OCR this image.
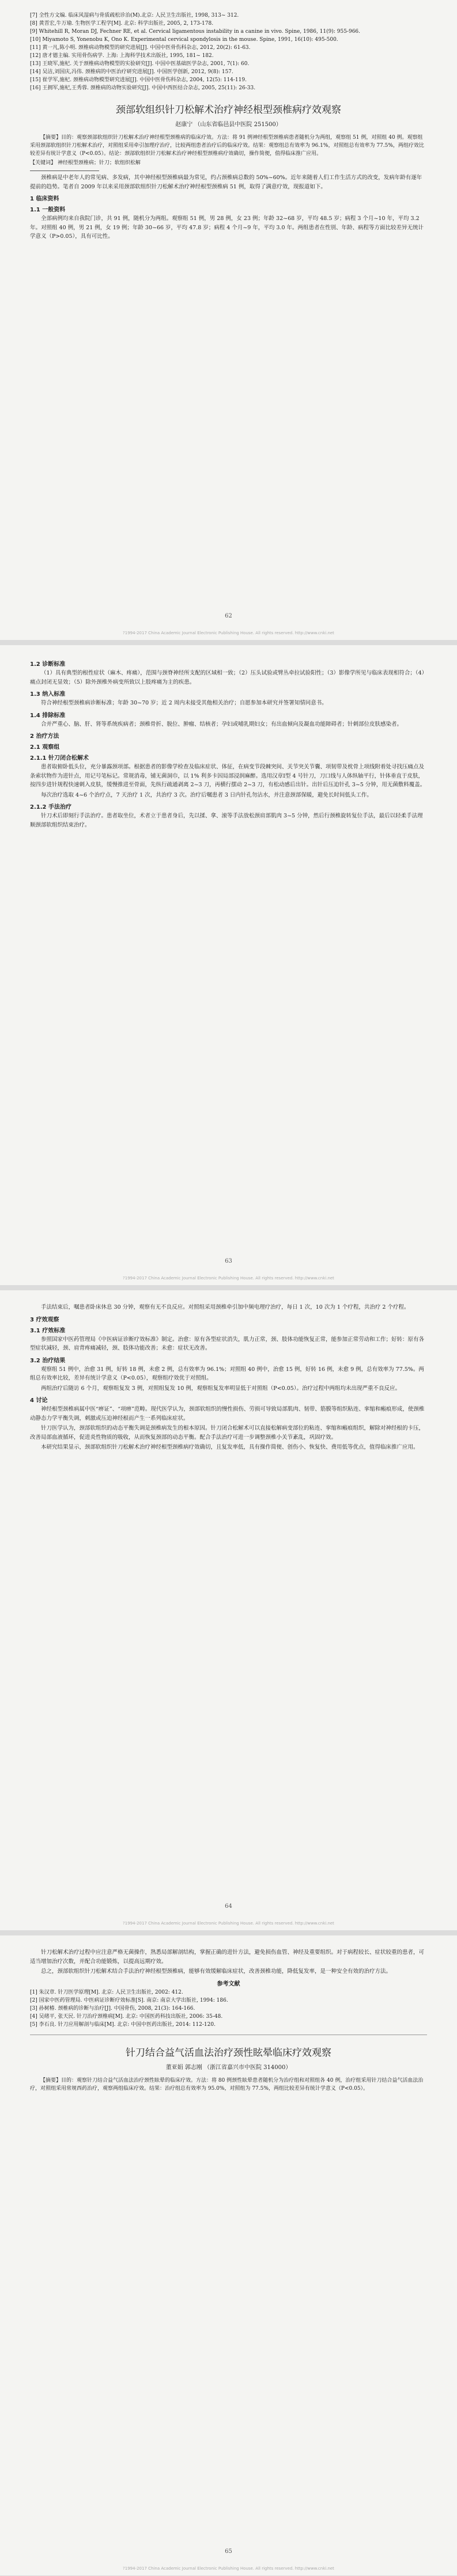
[7] 全性方文编. 临床风湿病与骨质疏松诊治(M).北京: 人民卫生出版社, 1998, 313~ 312.

[8] 黄晋宏,牛万瑜. 生物医学工程学[M]. 北京: 科学出版社, 2005, 2, 173-178.

[9] Whitehill R, Moran DJ, Fechner RE, et al. Cervical ligamentous instability in a canine in vivo. Spine, 1986, 11(9): 955-966.

[10] Miyamoto S, Yonenobu K, Ono K. Experimental cervical spondylosis in the mouse. Spine, 1991, 16(10): 495-500.

[11] 黄一凡,陈小明. 颈椎病动物模型的研究进展[J]. 中国中医骨伤科杂志, 2012, 20(2): 61-63.

[12] 唐才德主编. 实用骨伤病学. 上海: 上海科学技术出版社, 1995, 181~ 182.

[13] 王晓军,施杞. 关于颈椎病动物模型的实验研究[J]. 中国中医基础医学杂志, 2001, 7(1): 60.

[14] 吴洁,刘国庆,冯伟. 颈椎病的中医治疗研究进展[J]. 中国医学创新, 2012, 9(8): 157.

[15] 崔学军,施杞. 颈椎病动物模型研究进展[J]. 中国中医骨伤科杂志, 2004, 12(5): 114-119.

[16] 王拥军,施杞,王秀蓉. 颈椎病的动物实验研究[J]. 中国中西医结合杂志, 2005, 25(11): 26-33.

颈部软组织针刀松解术治疗神经根型颈椎病疗效观察
赵康宁 （山东省临邑县中医院 251500）
【摘要】目的：观察颈部软组织针刀松解术治疗神经根型颈椎病的临床疗效。方法：将 91 例神经根型颈椎病患者随机分为两组，观察组 51 例，对照组 40 例。观察组采用颈部软组织针刀松解术治疗，对照组采用牵引加理疗治疗，比较两组患者治疗后的临床疗效。结果：观察组总有效率为 96.1%，对照组总有效率为 77.5%，两组疗效比较差异有统计学意义（P<0.05）。结论：颈部软组织针刀松解术治疗神经根型颈椎病疗效确切，操作简便，值得临床推广应用。
【关键词】 神经根型颈椎病；针刀；软组织松解
颈椎病是中老年人的常见病、多发病，其中神经根型颈椎病最为常见，约占颈椎病总数的 50%~60%。近年来随着人们工作生活方式的改变，发病年龄有逐年提前的趋势。笔者自 2009 年以来采用颈部软组织针刀松解术治疗神经根型颈椎病 51 例，取得了满意疗效，现报道如下。
1 临床资料
1.1 一般资料
全部病例均来自我院门诊，共 91 例，随机分为两组。观察组 51 例，男 28 例，女 23 例；年龄 32~68 岁，平均 48.5 岁；病程 3 个月~10 年，平均 3.2 年。对照组 40 例，男 21 例，女 19 例；年龄 30~66 岁，平均 47.8 岁；病程 4 个月~9 年，平均 3.0 年。两组患者在性别、年龄、病程等方面比较差异无统计学意义（P>0.05），具有可比性。
62
?1994-2017 China Academic Journal Electronic Publishing House. All rights reserved. http://www.cnki.net
1.2 诊断标准
（1）具有典型的根性症状（麻木、疼痛），范围与颈脊神经所支配的区域相一致；（2）压头试验或臂丛牵拉试验阳性；（3）影像学所见与临床表现相符合；（4）痛点封闭无显效；（5）除外颈椎外病变所致以上肢疼痛为主的疾患。
1.3 纳入标准
符合神经根型颈椎病诊断标准；年龄 30~70 岁；近 2 周内未接受其他相关治疗；自愿参加本研究并签署知情同意书。
1.4 排除标准
合并严重心、脑、肝、肾等系统疾病者；颈椎骨折、脱位、肿瘤、结核者；孕妇或哺乳期妇女；有出血倾向及凝血功能障碍者；针刺部位皮肤感染者。
2 治疗方法
2.1 观察组
2.1.1 针刀闭合松解术
患者取俯卧低头位，充分暴露颈项部。根据患者的影像学检查及临床症状、体征，在病变节段棘突间、关节突关节囊、项韧带及枕骨上项线附着处寻找压痛点及条索状物作为进针点，用记号笔标记。常规消毒，铺无菌洞巾，以 1% 利多卡因局部浸润麻醉。选用汉章Ⅰ型 4 号针刀，刀口线与人体纵轴平行，针体垂直于皮肤，按四步进针规程快速刺入皮肤，缓慢推进至骨面，先纵行疏通剥离 2~3 刀，再横行摆动 2~3 刀，有松动感后出针。出针后压迫针孔 3~5 分钟，用无菌敷料覆盖。
每次治疗选取 4~6 个治疗点，7 天治疗 1 次，共治疗 3 次。治疗后嘱患者 3 日内针孔勿沾水，并注意颈部保暖，避免长时间低头工作。
2.1.2 手法治疗
针刀术后即刻行手法治疗。患者取坐位，术者立于患者身后，先以揉、拿、滚等手法放松颈肩部肌肉 3~5 分钟，然后行颈椎旋转复位手法，最后以轻柔手法理顺颈部软组织结束治疗。
63
?1994-2017 China Academic Journal Electronic Publishing House. All rights reserved. http://www.cnki.net
手法结束后，嘱患者卧床休息 30 分钟，观察有无不良反应。对照组采用颈椎牵引加中频电理疗治疗，每日 1 次，10 次为 1 个疗程，共治疗 2 个疗程。
3 疗效观察
3.1 疗效标准
参照国家中医药管理局《中医病证诊断疗效标准》制定。治愈：原有各型症状消失，肌力正常，颈、肢体功能恢复正常，能参加正常劳动和工作；好转：原有各型症状减轻，颈、肩背疼痛减轻，颈、肢体功能改善；未愈：症状无改善。
3.2 治疗结果
观察组 51 例中，治愈 31 例，好转 18 例，未愈 2 例，总有效率为 96.1%；对照组 40 例中，治愈 15 例，好转 16 例，未愈 9 例，总有效率为 77.5%。两组总有效率比较，差异有统计学意义（P<0.05），观察组疗效优于对照组。
两组治疗后随访 6 个月，观察组复发 3 例，对照组复发 10 例，观察组复发率明显低于对照组（P<0.05）。治疗过程中两组均未出现严重不良反应。
4 讨论
神经根型颈椎病属中医“痹证”、“项痹”范畴。现代医学认为，颈部软组织的慢性损伤、劳损可导致局部肌肉、韧带、筋膜等组织粘连、挛缩和瘢痕形成，使颈椎动静态力学平衡失调，刺激或压迫神经根而产生一系列临床症状。
针刀医学认为，颈部软组织的动态平衡失调是颈椎病发生的根本原因。针刀闭合松解术可以直接松解病变部位的粘连、挛缩和瘢痕组织，解除对神经根的卡压，改善局部血液循环，促进炎性物质的吸收，从而恢复颈部的动态平衡。配合手法治疗可进一步调整颈椎小关节紊乱，巩固疗效。
本研究结果显示，颈部软组织针刀松解术治疗神经根型颈椎病疗效确切，且复发率低，具有操作简便、创伤小、恢复快、费用低等优点，值得临床推广应用。
64
?1994-2017 China Academic Journal Electronic Publishing House. All rights reserved. http://www.cnki.net
针刀松解术治疗过程中应注意严格无菌操作，熟悉局部解剖结构，掌握正确的进针方法，避免损伤血管、神经及重要组织。对于病程较长、症状较重的患者，可适当增加治疗次数，并配合功能锻炼，以提高远期疗效。
总之，颈部软组织针刀松解术结合手法治疗神经根型颈椎病，能够有效缓解临床症状，改善颈椎功能，降低复发率，是一种安全有效的治疗方法。
参考文献

[1] 朱汉章. 针刀医学原理[M]. 北京: 人民卫生出版社, 2002: 412.

[2] 国家中医药管理局. 中医病证诊断疗效标准[S]. 南京: 南京大学出版社, 1994: 186.

[3] 孙树椿. 颈椎病的诊断与治疗[J]. 中国骨伤, 2008, 21(3): 164-166.

[4] 吴绪平, 张天民. 针刀治疗颈椎病[M]. 北京: 中国医药科技出版社, 2006: 35-48.

[5] 李石良. 针刀应用解剖与临床[M]. 北京: 中国中医药出版社, 2014: 112-120.

针刀结合益气活血法治疗颈性眩晕临床疗效观察
董亚娟 郭志刚 （浙江省嘉兴市中医院 314000）
【摘要】目的：观察针刀结合益气活血法治疗颈性眩晕的临床疗效。方法：将 80 例颈性眩晕患者随机分为治疗组和对照组各 40 例，治疗组采用针刀结合益气活血法治疗，对照组采用常规西药治疗，观察两组临床疗效。结果：治疗组总有效率为 95.0%，对照组为 77.5%，两组比较差异有统计学意义（P<0.05）。
65
?1994-2017 China Academic Journal Electronic Publishing House. All rights reserved. http://www.cnki.net
